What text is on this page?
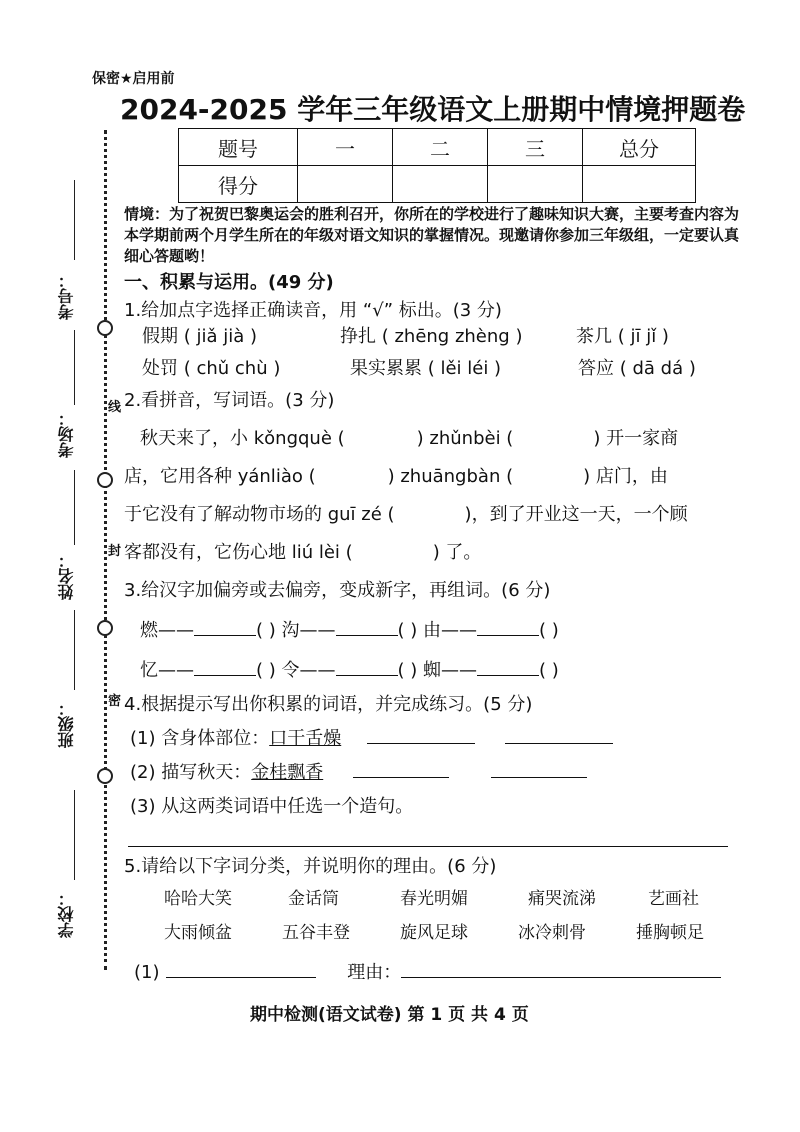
保密★启用前
2024-2025 学年三年级语文上册期中情境押题卷
题号	一	二	三	总分
得分				
考号：
考场：
姓名：
班级：
学校：
线
封
密
情境：为了祝贺巴黎奥运会的胜利召开，你所在的学校进行了趣味知识大赛，主要考查内容为本学期前两个月学生所在的年级对语文知识的掌握情况。现邀请你参加三年级组，一定要认真细心答题哟！
一、积累与运用。(49 分)
1.给加点字选择正确读音，用 “√” 标出。(3 分)
假期 ( jiǎ jià )	挣扎 ( zhēng zhèng )	茶几 ( jī jǐ )
处罚 ( chǔ chù )	果实累累 ( lěi léi )	答应 ( dā dá )
2.看拼音，写词语。(3 分)
秋天来了，小 kǒngquè (	) zhǔnbèi (	) 开一家商
店，它用各种 yánliào (	) zhuāngbàn (	) 店门，由
于它没有了解动物市场的 guī zé (	)，到了开业这一天，一个顾
客都没有，它伤心地 liú lèi (	) 了。
3.给汉字加偏旁或去偏旁，变成新字，再组词。(6 分)
燃——	( ) 沟——	( ) 由——	( )
忆——	( ) 令——	( ) 蜘——	( )
4.根据提示写出你积累的词语，并完成练习。(5 分)
(1) 含身体部位：口干舌燥
(2) 描写秋天：金桂飘香
(3) 从这两类词语中任选一个造句。
5.请给以下字词分类，并说明你的理由。(6 分)
哈哈大笑	金话筒	春光明媚	痛哭流涕	艺画社
大雨倾盆	五谷丰登	旋风足球	冰冷刺骨	捶胸顿足
(1)	理由：
期中检测(语文试卷) 第 1 页 共 4 页
